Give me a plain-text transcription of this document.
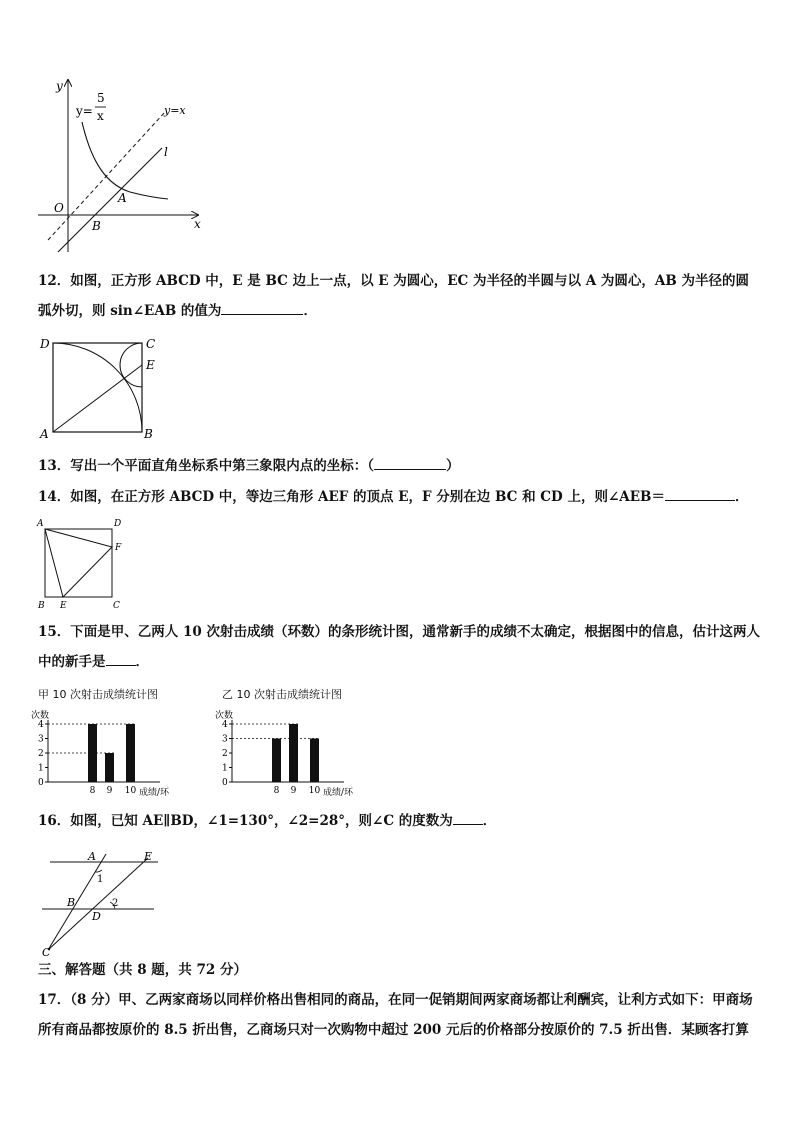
y
x
O
y=
5
x	y=x
l
A
B
12．如图，正方形 ABCD 中，E 是 BC 边上一点，以 E 为圆心，EC 为半径的半圆与以 A 为圆心，AB 为半径的圆弧外切，则 sin∠EAB 的值为	．
D	C
E
A	B
13．写出一个平面直角坐标系中第三象限内点的坐标：（	）
14．如图，在正方形 ABCD 中，等边三角形 AEF 的顶点 E，F 分别在边 BC 和 CD 上，则∠AEB＝	．
A	D
F
B E	C
15．下面是甲、乙两人 10 次射击成绩（环数）的条形统计图，通常新手的成绩不太确定，根据图中的信息，估计这两人中的新手是 ．
甲 10 次射击成绩统计图
次数
0
1
2
3
4
8 9 10 成绩/环
乙 10 次射击成绩统计图
次数
0
1
2
3
4
8 9 10 成绩/环
16．如图，已知 AE∥BD，∠1=130°，∠2=28°，则∠C 的度数为 ．
A	E
1
B	2
D
C
三、解答题（共 8 题，共 72 分）
17．（8 分）甲、乙两家商场以同样价格出售相同的商品，在同一促销期间两家商场都让利酬宾，让利方式如下：甲商场所有商品都按原价的 8.5 折出售，乙商场只对一次购物中超过 200 元后的价格部分按原价的 7.5 折出售．某顾客打算
